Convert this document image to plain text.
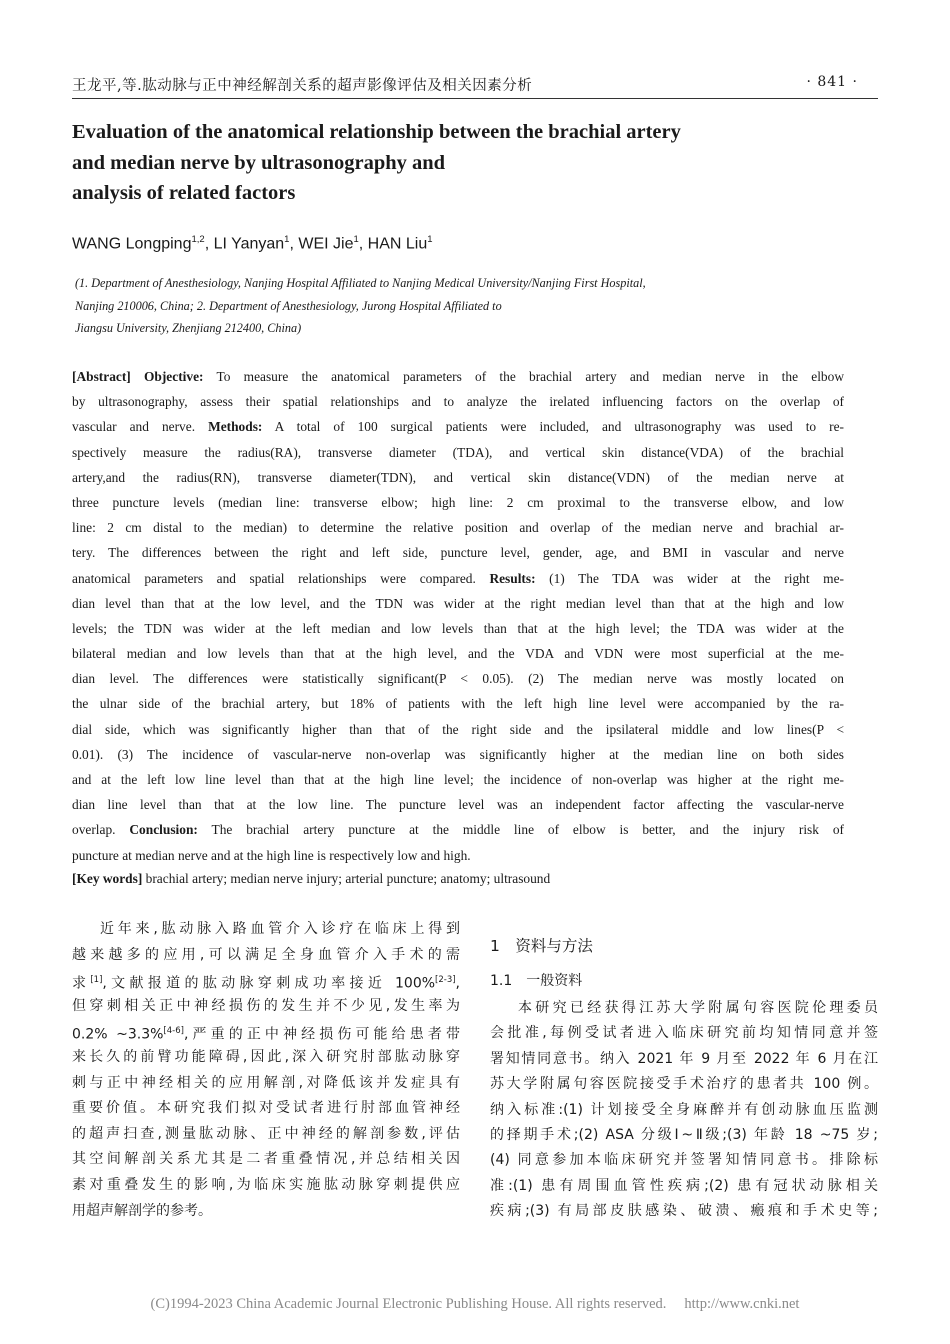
王龙平,等.肱动脉与正中神经解剖关系的超声影像评估及相关因素分析	· 841 ·
Evaluation of the anatomical relationship between the brachial artery
and median nerve by ultrasonography and
analysis of related factors
WANG Longping$^{1,2}$, LI Yanyan$^1$, WEI Jie$^1$, HAN Liu$^1$
(1. Department of Anesthesiology, Nanjing Hospital Affiliated to Nanjing Medical University/Nanjing First Hospital,
Nanjing 210006, China; 2. Department of Anesthesiology, Jurong Hospital Affiliated to
Jiangsu University, Zhenjiang 212400, China)
[Abstract] Objective: To measure the anatomical parameters of the brachial artery and median nerve in the elbow
by ultrasonography, assess their spatial relationships and to analyze the irelated influencing factors on the overlap of
vascular and nerve. Methods: A total of 100 surgical patients were included, and ultrasonography was used to re-
spectively measure the radius(RA), transverse diameter (TDA), and vertical skin distance(VDA) of the brachial
artery,and the radius(RN), transverse diameter(TDN), and vertical skin distance(VDN) of the median nerve at
three puncture levels (median line: transverse elbow; high line: 2 cm proximal to the transverse elbow, and low
line: 2 cm distal to the median) to determine the relative position and overlap of the median nerve and brachial ar-
tery. The differences between the right and left side, puncture level, gender, age, and BMI in vascular and nerve
anatomical parameters and spatial relationships were compared. Results: (1) The TDA was wider at the right me-
dian level than that at the low level, and the TDN was wider at the right median level than that at the high and low
levels; the TDN was wider at the left median and low levels than that at the high level; the TDA was wider at the
bilateral median and low levels than that at the high level, and the VDA and VDN were most superficial at the me-
dian level. The differences were statistically significant(P < 0.05). (2) The median nerve was mostly located on
the ulnar side of the brachial artery, but 18% of patients with the left high line level were accompanied by the ra-
dial side, which was significantly higher than that of the right side and the ipsilateral middle and low lines(P <
0.01). (3) The incidence of vascular-nerve non-overlap was significantly higher at the median line on both sides
and at the left low line level than that at the high line level; the incidence of non-overlap was higher at the right me-
dian line level than that at the low line. The puncture level was an independent factor affecting the vascular-nerve
overlap. Conclusion: The brachial artery puncture at the middle line of elbow is better, and the injury risk of
puncture at median nerve and at the high line is respectively low and high.
[Key words] brachial artery; median nerve injury; arterial puncture; anatomy; ultrasound
近年来,肱动脉入路血管介入诊疗在临床上得到
越来越多的应用,可以满足全身血管介入手术的需
求[1],文献报道的肱动脉穿刺成功率接近 100%[2-3],
但穿刺相关正中神经损伤的发生并不少见,发生率为
0.2% ~3.3%[4-6],严重的正中神经损伤可能给患者带
来长久的前臂功能障碍,因此,深入研究肘部肱动脉穿
刺与正中神经相关的应用解剖,对降低该并发症具有
重要价值。本研究我们拟对受试者进行肘部血管神经
的超声扫查,测量肱动脉、正中神经的解剖参数,评估
其空间解剖关系尤其是二者重叠情况,并总结相关因
素对重叠发生的影响,为临床实施肱动脉穿刺提供应
用超声解剖学的参考。
1　资料与方法
1.1　一般资料
本研究已经获得江苏大学附属句容医院伦理委员
会批准,每例受试者进入临床研究前均知情同意并签
署知情同意书。纳入 2021 年 9 月至 2022 年 6 月在江
苏大学附属句容医院接受手术治疗的患者共 100 例。
纳入标准:(1) 计划接受全身麻醉并有创动脉血压监测
的择期手术;(2) ASA 分级Ⅰ~Ⅱ级;(3) 年龄 18 ~75 岁;
(4) 同意参加本临床研究并签署知情同意书。排除标
准:(1) 患有周围血管性疾病;(2) 患有冠状动脉相关
疾病;(3) 有局部皮肤感染、破溃、瘢痕和手术史等;
(C)1994-2023 China Academic Journal Electronic Publishing House. All rights reserved. http://www.cnki.net
